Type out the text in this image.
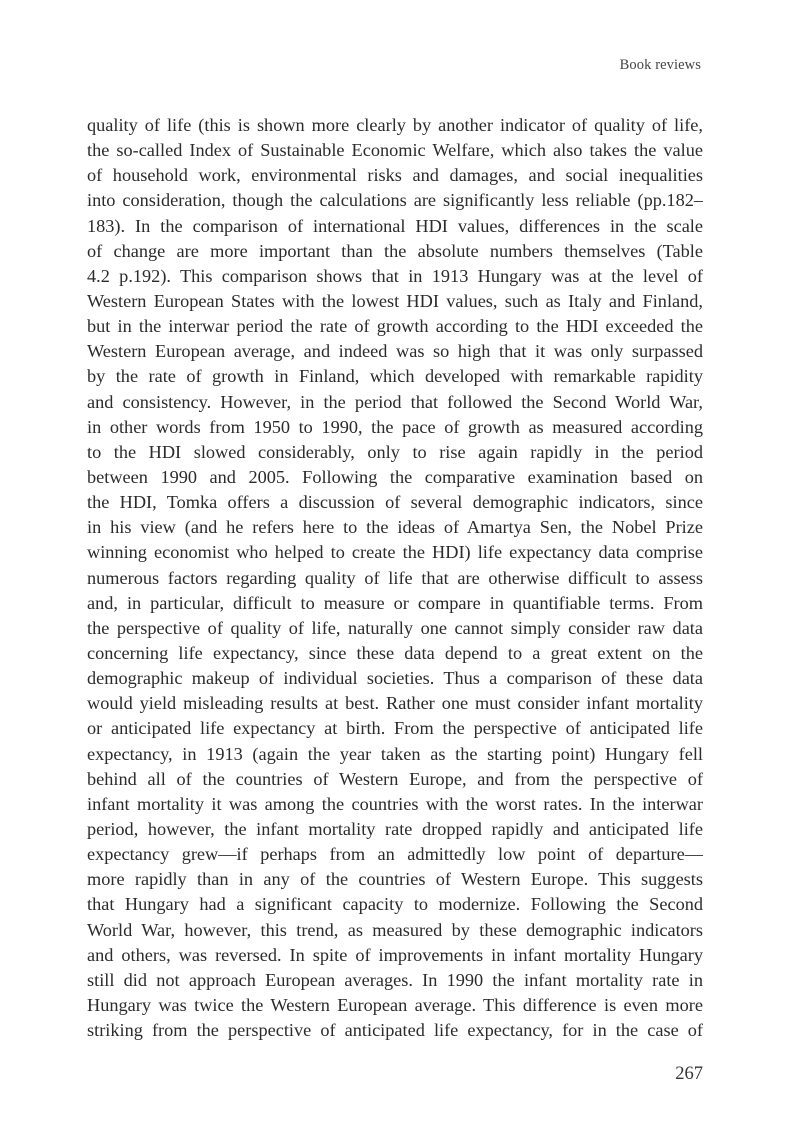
Book reviews
quality of life (this is shown more clearly by another indicator of quality of life,
the so-called Index of Sustainable Economic Welfare, which also takes the value
of household work, environmental risks and damages, and social inequalities
into consideration, though the calculations are significantly less reliable (pp.182–
183). In the comparison of international HDI values, differences in the scale
of change are more important than the absolute numbers themselves (Table
4.2 p.192). This comparison shows that in 1913 Hungary was at the level of
Western European States with the lowest HDI values, such as Italy and Finland,
but in the interwar period the rate of growth according to the HDI exceeded the
Western European average, and indeed was so high that it was only surpassed
by the rate of growth in Finland, which developed with remarkable rapidity
and consistency. However, in the period that followed the Second World War,
in other words from 1950 to 1990, the pace of growth as measured according
to the HDI slowed considerably, only to rise again rapidly in the period
between 1990 and 2005. Following the comparative examination based on
the HDI, Tomka offers a discussion of several demographic indicators, since
in his view (and he refers here to the ideas of Amartya Sen, the Nobel Prize
winning economist who helped to create the HDI) life expectancy data comprise
numerous factors regarding quality of life that are otherwise difficult to assess
and, in particular, difficult to measure or compare in quantifiable terms. From
the perspective of quality of life, naturally one cannot simply consider raw data
concerning life expectancy, since these data depend to a great extent on the
demographic makeup of individual societies. Thus a comparison of these data
would yield misleading results at best. Rather one must consider infant mortality
or anticipated life expectancy at birth. From the perspective of anticipated life
expectancy, in 1913 (again the year taken as the starting point) Hungary fell
behind all of the countries of Western Europe, and from the perspective of
infant mortality it was among the countries with the worst rates. In the interwar
period, however, the infant mortality rate dropped rapidly and anticipated life
expectancy grew—if perhaps from an admittedly low point of departure—
more rapidly than in any of the countries of Western Europe. This suggests
that Hungary had a significant capacity to modernize. Following the Second
World War, however, this trend, as measured by these demographic indicators
and others, was reversed. In spite of improvements in infant mortality Hungary
still did not approach European averages. In 1990 the infant mortality rate in
Hungary was twice the Western European average. This difference is even more
striking from the perspective of anticipated life expectancy, for in the case of
267
